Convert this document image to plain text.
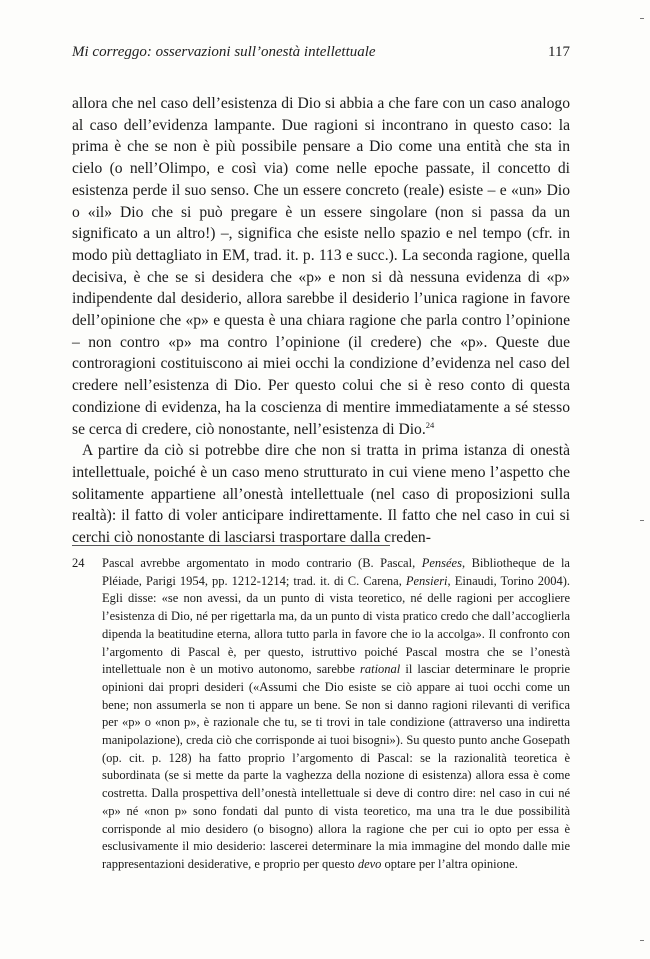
Mi correggo: osservazioni sull’onestà intellettuale	117

allora che nel caso dell’esistenza di Dio si abbia a che fare con un caso analogo al caso dell’evidenza lampante. Due ragioni si incontrano in questo caso: la prima è che se non è più possibile pensare a Dio come una entità che sta in cielo (o nell’Olimpo, e così via) come nelle epoche passate, il concetto di esistenza perde il suo senso. Che un essere concreto (reale) esiste – e «un» Dio o «il» Dio che si può pregare è un essere singolare (non si passa da un significato a un altro!) –, significa che esiste nello spazio e nel tempo (cfr. in modo più dettagliato in EM, trad. it. p. 113 e succ.). La seconda ragione, quella decisiva, è che se si desidera che «p» e non si dà nessuna evidenza di «p» indipendente dal desiderio, allora sarebbe il desiderio l’unica ragione in favore dell’opinione che «p» e questa è una chiara ragione che parla contro l’opinione – non contro «p» ma contro l’opinione (il credere) che «p». Queste due controragioni costituiscono ai miei occhi la condizione d’evidenza nel caso del credere nell’esistenza di Dio. Per questo colui che si è reso conto di questa condizione di evidenza, ha la coscienza di mentire immediatamente a sé stesso se cerca di credere, ciò nonostante, nell’esistenza di Dio.$^{24}$

A partire da ciò si potrebbe dire che non si tratta in prima istanza di onestà intellettuale, poiché è un caso meno strutturato in cui viene meno l’aspetto che solitamente appartiene all’onestà intellettuale (nel caso di proposizioni sulla realtà): il fatto di voler anticipare indirettamente. Il fatto che nel caso in cui si cerchi ciò nonostante di lasciarsi trasportare dalla creden-

24	Pascal avrebbe argomentato in modo contrario (B. Pascal, Pensées, Bibliotheque de la Pléiade, Parigi 1954, pp. 1212-1214; trad. it. di C. Carena, Pensieri, Einaudi, Torino 2004). Egli disse: «se non avessi, da un punto di vista teoretico, né delle ragioni per accogliere l’esistenza di Dio, né per rigettarla ma, da un punto di vista pratico credo che dall’accoglierla dipenda la beatitudine eterna, allora tutto parla in favore che io la accolga». Il confronto con l’argomento di Pascal è, per questo, istruttivo poiché Pascal mostra che se l’onestà intellettuale non è un motivo autonomo, sarebbe rational il lasciar determinare le proprie opinioni dai propri desideri («Assumi che Dio esiste se ciò appare ai tuoi occhi come un bene; non assumerla se non ti appare un bene. Se non si danno ragioni rilevanti di verifica per «p» o «non p», è razionale che tu, se ti trovi in tale condizione (attraverso una indiretta manipolazione), creda ciò che corrisponde ai tuoi bisogni»). Su questo punto anche Gosepath (op. cit. p. 128) ha fatto proprio l’argomento di Pascal: se la razionalità teoretica è subordinata (se si mette da parte la vaghezza della nozione di esistenza) allora essa è come costretta. Dalla prospettiva dell’onestà intellettuale si deve di contro dire: nel caso in cui né «p» né «non p» sono fondati dal punto di vista teoretico, ma una tra le due possibilità corrisponde al mio desidero (o bisogno) allora la ragione che per cui io opto per essa è esclusivamente il mio desiderio: lascerei determinare la mia immagine del mondo dalle mie rappresentazioni desiderative, e proprio per questo devo optare per l’altra opinione.
